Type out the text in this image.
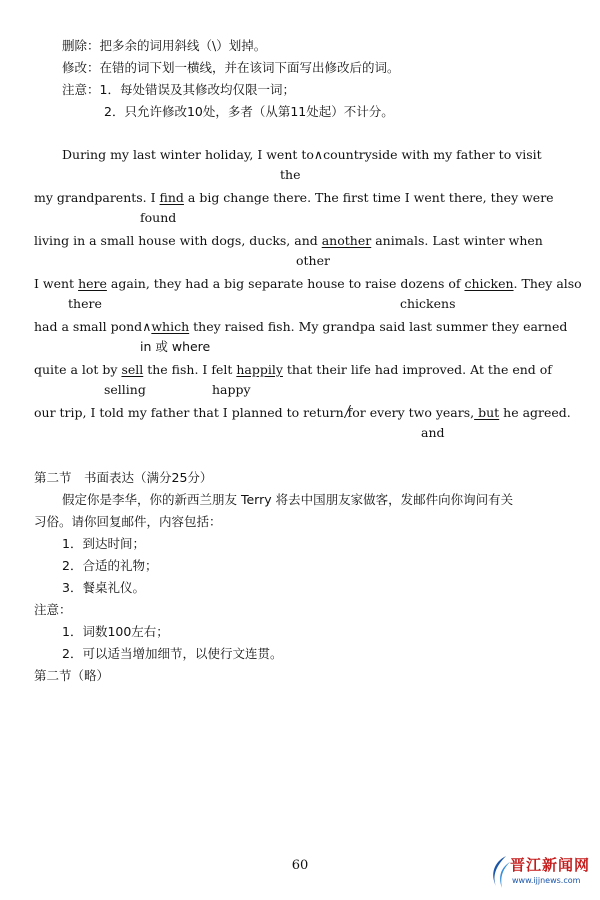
删除：把多余的词用斜线（\）划掉。
修改：在错的词下划一横线，并在该词下面写出修改后的词。
注意：1．每处错误及其修改均仅限一词；
2．只允许修改10处，多者（从第11处起）不计分。
During my last winter holiday, I went to∧countryside with my father to visit
the
my grandparents. I find a big change there. The first time I went there, they were
found
living in a small house with dogs, ducks, and another animals. Last winter when
other
I went here again, they had a big separate house to raise dozens of chicken. They also
there	chickens
had a small pond∧which they raised fish. My grandpa said last summer they earned
in 或 where
quite a lot by sell the fish. I felt happily that their life had improved. At the end of
selling	happy
our trip, I told my father that I planned to return for every two years, but he agreed.
and
第二节　书面表达（满分25分）
假定你是李华，你的新西兰朋友 Terry 将去中国朋友家做客，发邮件向你询问有关
习俗。请你回复邮件，内容包括：
1．到达时间；
2．合适的礼物；
3．餐桌礼仪。
注意：
1．词数100左右；
2．可以适当增加细节，以使行文连贯。
第二节（略）
60	晋江新闻网
www.ijjnews.com
